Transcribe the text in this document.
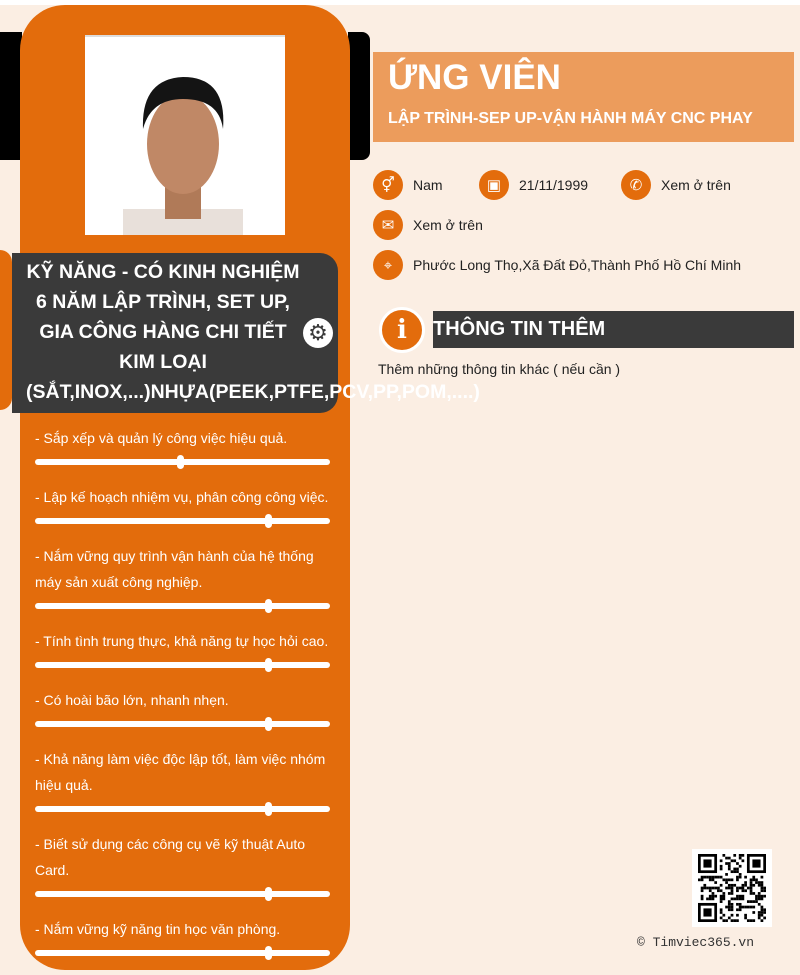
KỸ NĂNG - CÓ KINH NGHIỆM 6 NĂM LẬP TRÌNH, SET UP, GIA CÔNG HÀNG CHI TIẾT KIM LOẠI (SẮT,INOX,...)NHỰA(PEEK,PTFE,PCV,PP,POM,....)
⚙
- Sắp xếp và quản lý công việc hiệu quả.
- Lập kế hoạch nhiệm vụ, phân công công việc.
- Nắm vững quy trình vận hành của hệ thống máy sản xuất công nghiệp.
- Tính tình trung thực, khả năng tự học hỏi cao.
- Có hoài bão lớn, nhanh nhẹn.
- Khả năng làm việc độc lập tốt, làm việc nhóm hiệu quả.
- Biết sử dụng các công cụ vẽ kỹ thuật Auto Card.
- Nắm vững kỹ năng tin học văn phòng.
ỨNG VIÊN
LẬP TRÌNH-SEP UP-VẬN HÀNH MÁY CNC PHAY
⚥	Nam	▣	21/11/1999	✆	Xem ở trên
✉	Xem ở trên
⌖	Phước Long Thọ,Xã Đất Đỏ,Thành Phố Hồ Chí Minh
THÔNG TIN THÊM
i
Thêm những thông tin khác ( nếu cần )
© Timviec365.vn
